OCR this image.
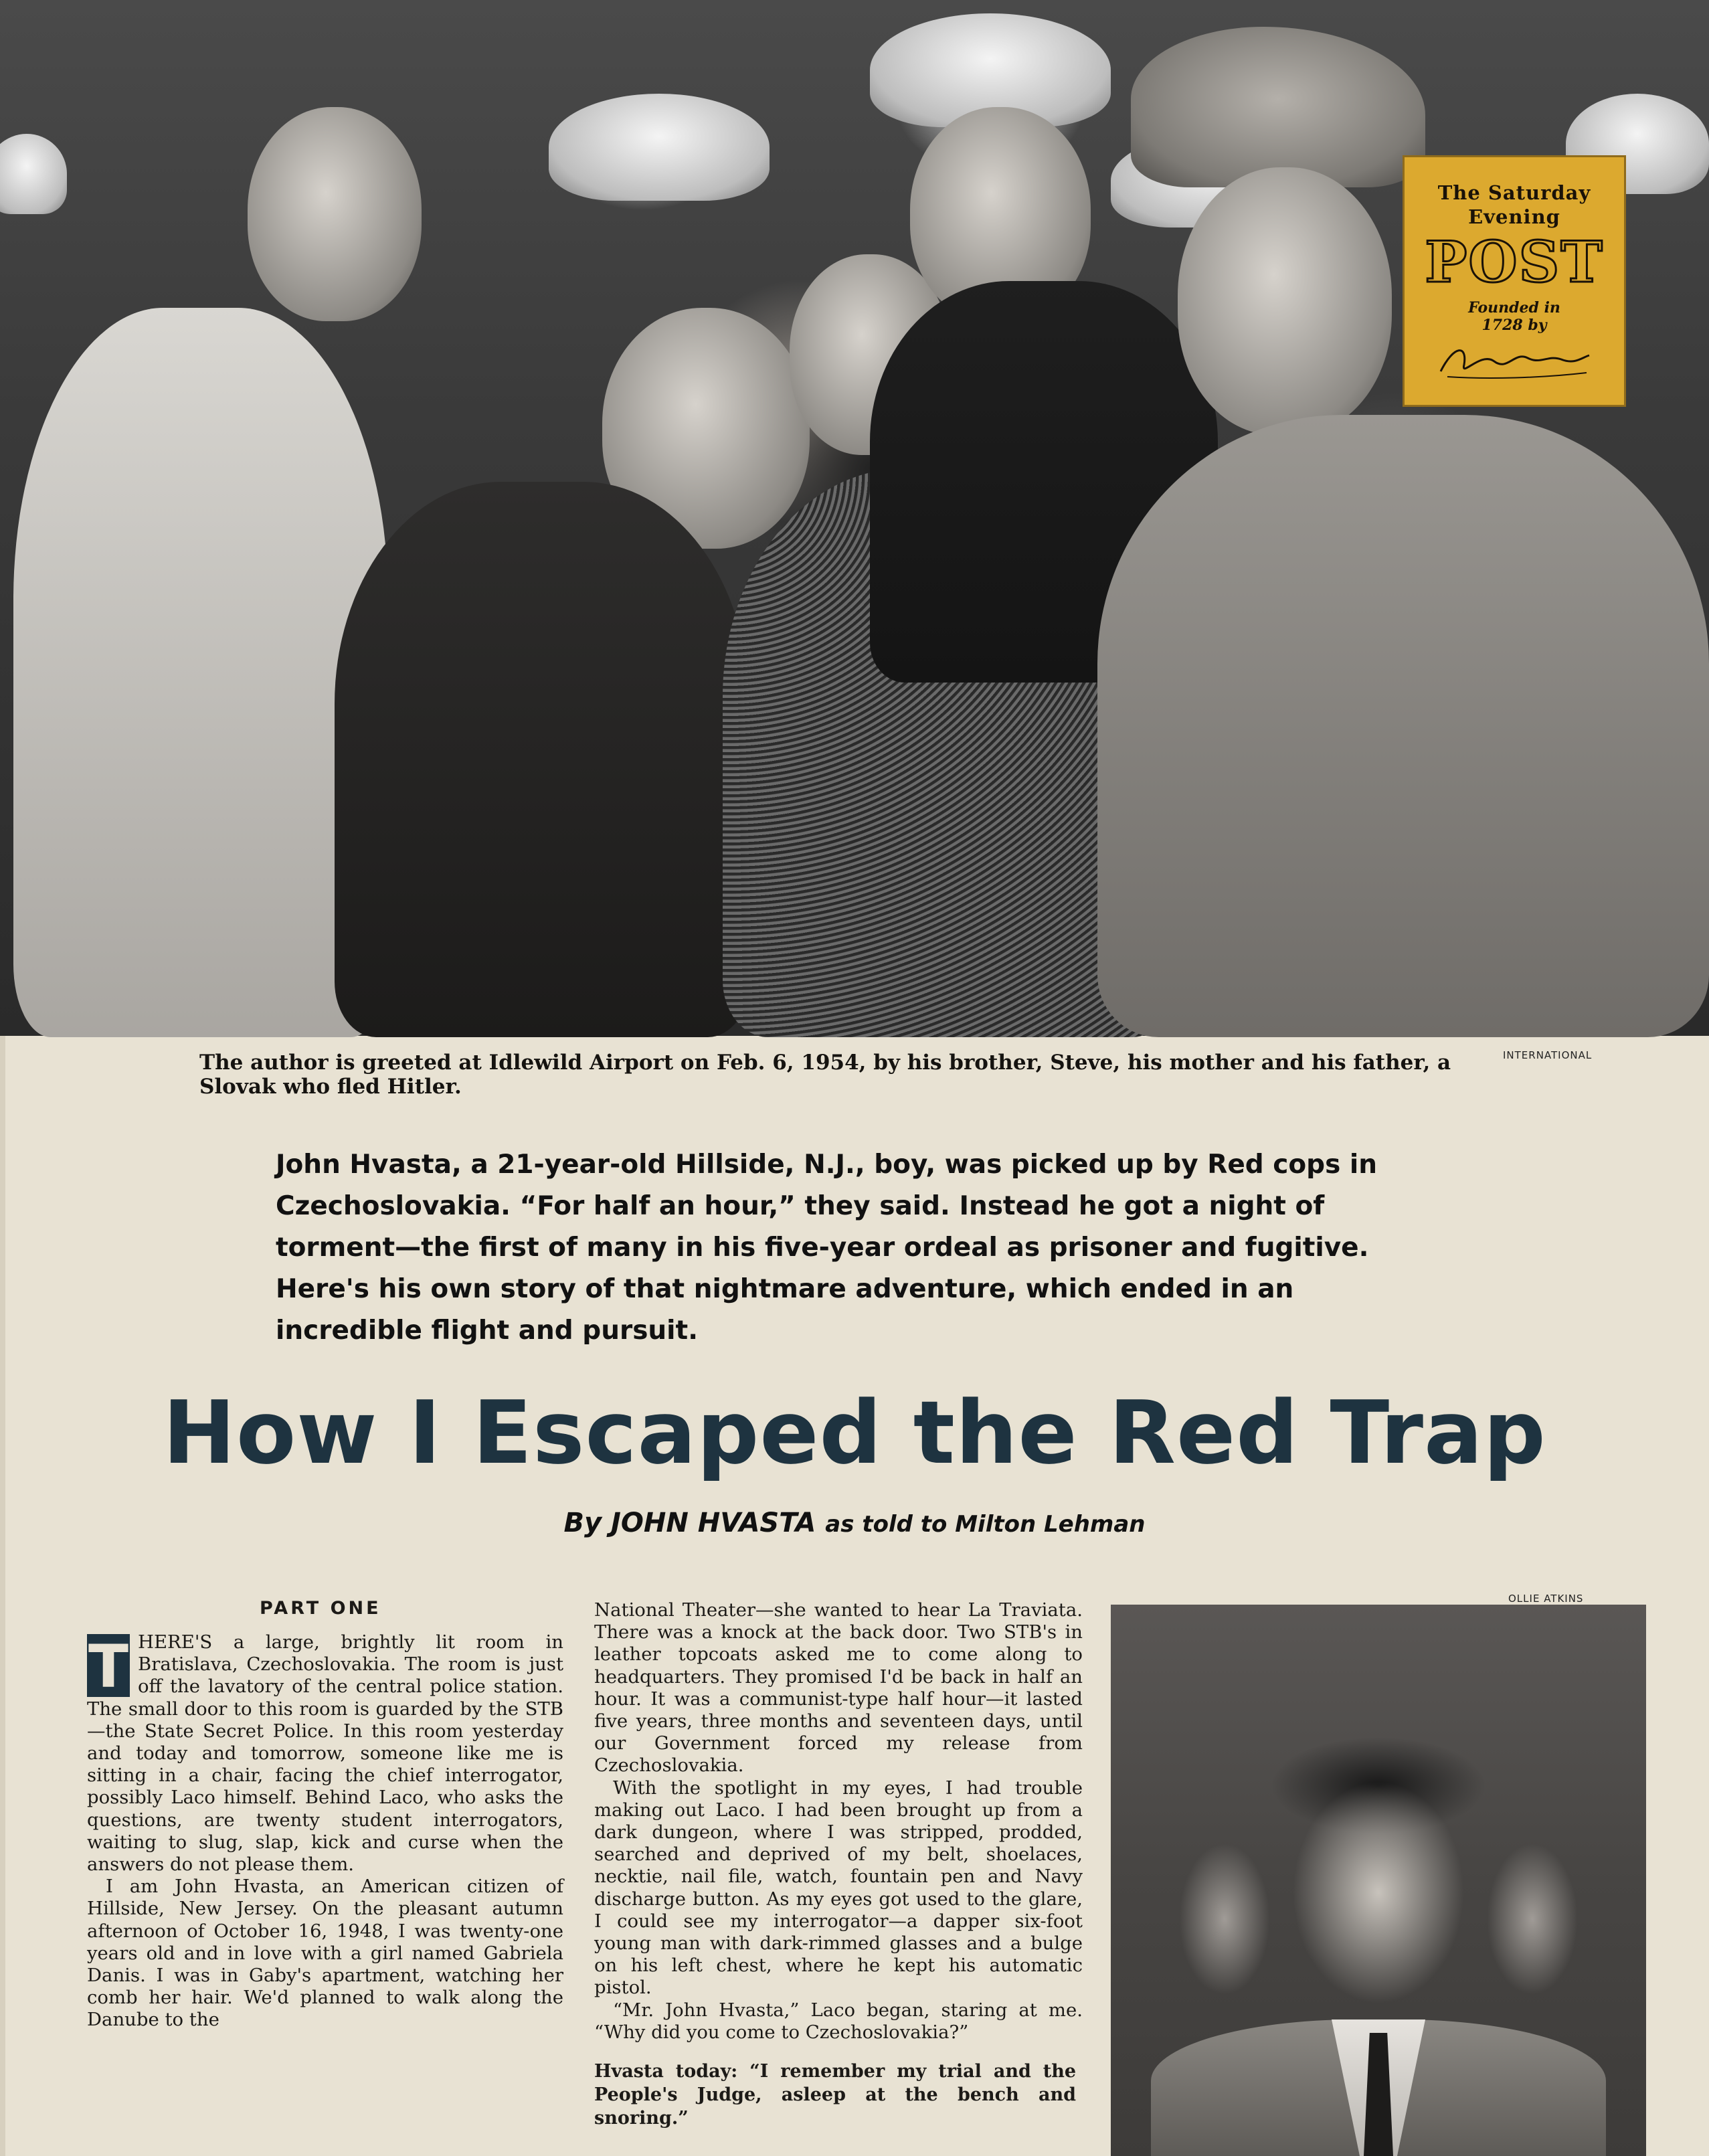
The Saturday
Evening
POST
Founded in
1728 by
INTERNATIONAL
The author is greeted at Idlewild Airport on Feb. 6, 1954, by his brother, Steve, his mother and his father, a Slovak who fled Hitler.
John Hvasta, a 21-year-old Hillside, N.J., boy, was picked up by Red cops in Czechoslovakia. “For half an hour,” they said. Instead he got a night of torment—the first of many in his five-year ordeal as prisoner and fugitive. Here's his own story of that nightmare adventure, which ended in an incredible flight and pursuit.
How I Escaped the Red Trap
By JOHN HVASTA as told to Milton Lehman
PART ONE

T HERE'S a large, brightly lit room in Bratislava, Czechoslovakia. The room is just off the lavatory of the central police station. The small door to this room is guarded by the STB—the State Secret Police. In this room yesterday and today and tomorrow, someone like me is sitting in a chair, facing the chief interrogator, possibly Laco himself. Behind Laco, who asks the questions, are twenty student interrogators, waiting to slug, slap, kick and curse when the answers do not please them.

I am John Hvasta, an American citizen of Hillside, New Jersey. On the pleasant autumn afternoon of October 16, 1948, I was twenty-one years old and in love with a girl named Gabriela Danis. I was in Gaby's apartment, watching her comb her hair. We'd planned to walk along the Danube to the

National Theater—she wanted to hear La Traviata. There was a knock at the back door. Two STB's in leather topcoats asked me to come along to headquarters. They promised I'd be back in half an hour. It was a communist-type half hour—it lasted five years, three months and seventeen days, until our Government forced my release from Czechoslovakia.

With the spotlight in my eyes, I had trouble making out Laco. I had been brought up from a dark dungeon, where I was stripped, prodded, searched and deprived of my belt, shoelaces, necktie, nail file, watch, fountain pen and Navy discharge button. As my eyes got used to the glare, I could see my interrogator—a dapper six-foot young man with dark-rimmed glasses and a bulge on his left chest, where he kept his automatic pistol.

“Mr. John Hvasta,” Laco began, staring at me. “Why did you come to Czechoslovakia?”

Hvasta today: “I remember my trial and the People's Judge, asleep at the bench and snoring.”
OLLIE ATKINS
